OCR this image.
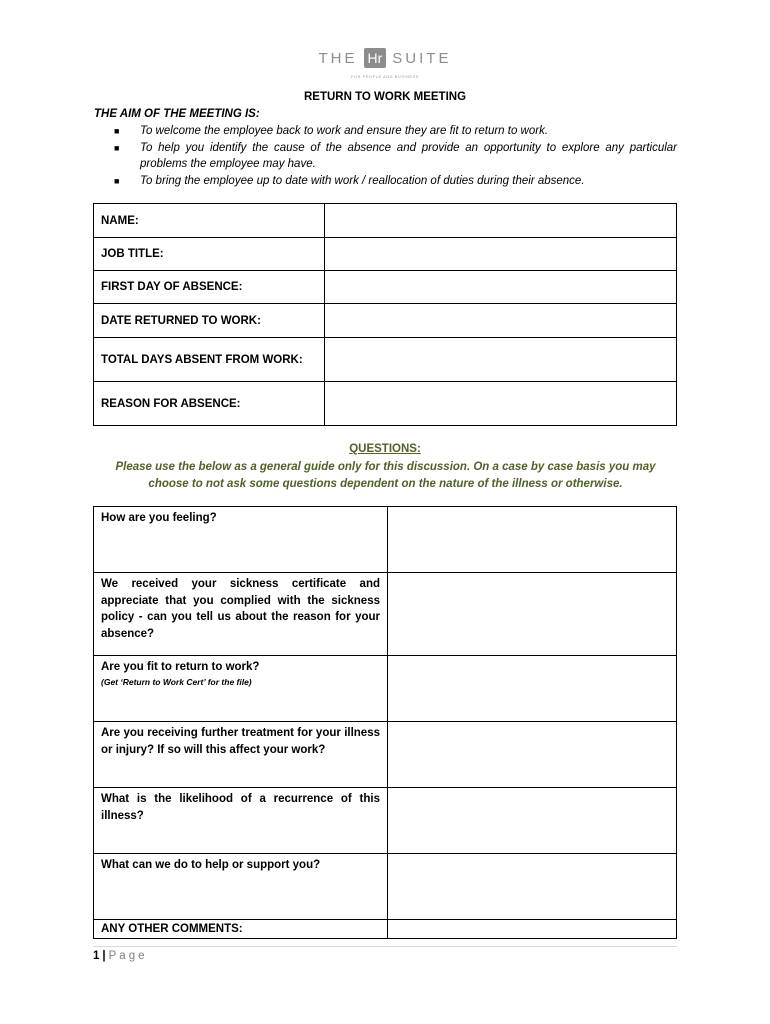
THE Hr SUITE
FOR PEOPLE AND BUSINESS
RETURN TO WORK MEETING
THE AIM OF THE MEETING IS:
■ To welcome the employee back to work and ensure they are fit to return to work.
■ To help you identify the cause of the absence and provide an opportunity to explore any particular problems the employee may have.
■ To bring the employee up to date with work / reallocation of duties during their absence.
NAME:	
JOB TITLE:	
FIRST DAY OF ABSENCE:	
DATE RETURNED TO WORK:	
TOTAL DAYS ABSENT FROM WORK:	
REASON FOR ABSENCE:	
QUESTIONS:
Please use the below as a general guide only for this discussion. On a case by case basis you may choose to not ask some questions dependent on the nature of the illness or otherwise.
How are you feeling?	
We received your sickness certificate and appreciate that you complied with the sickness policy - can you tell us about the reason for your absence?	
Are you fit to return to work?
(Get ‘Return to Work Cert’ for the file)	

Are you receiving further treatment for your illness or injury? If so will this affect your work?	
What is the likelihood of a recurrence of this illness?	
What can we do to help or support you?	
ANY OTHER COMMENTS:	
1 | Page
